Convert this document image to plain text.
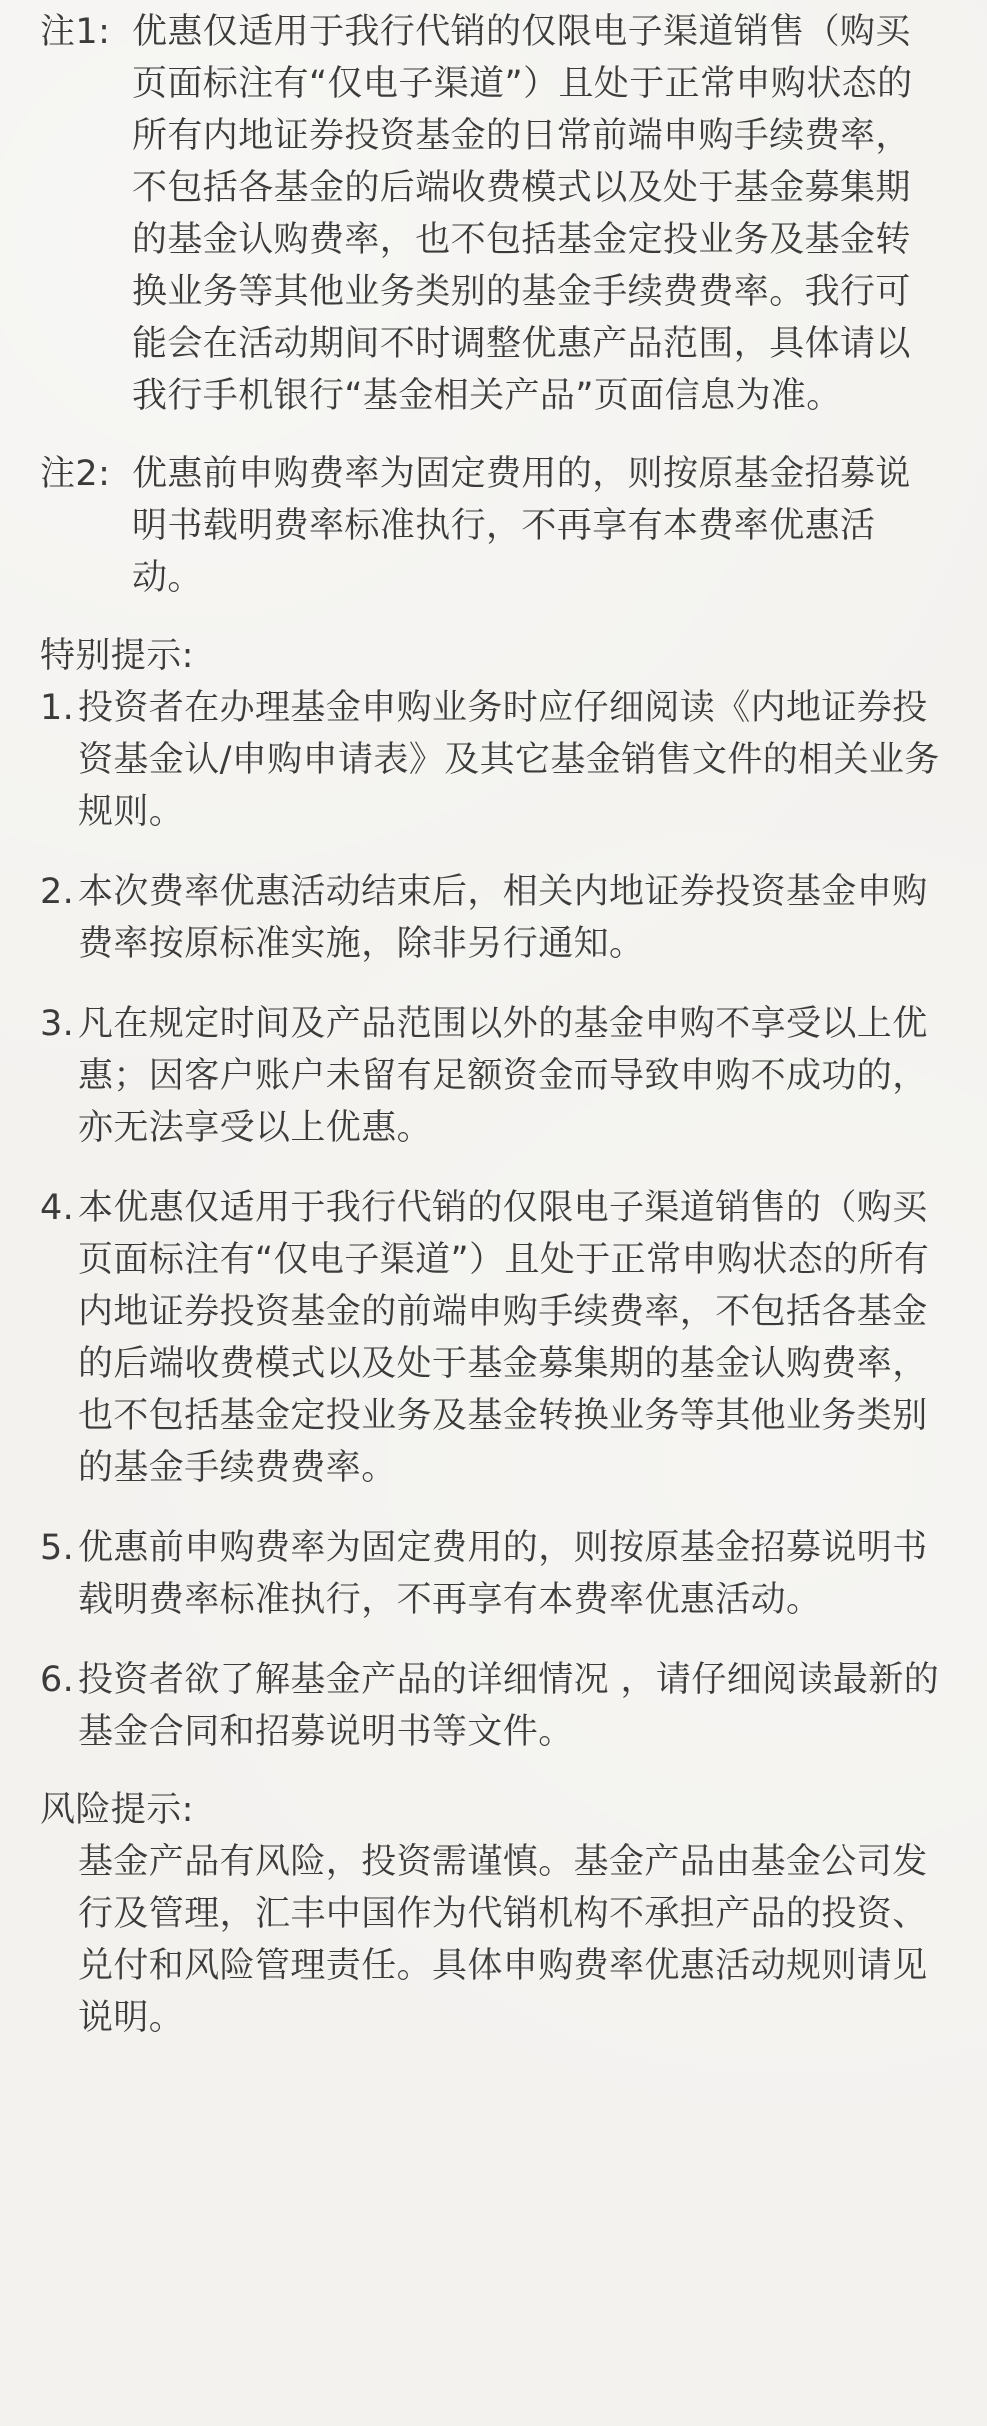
注1: 优惠仅适用于我行代销的仅限电子渠道销售（购买页面标注有“仅电子渠道”）且处于正常申购状态的所有内地证券投资基金的日常前端申购手续费率，不包括各基金的后端收费模式以及处于基金募集期的基金认购费率，也不包括基金定投业务及基金转换业务等其他业务类别的基金手续费费率。我行可能会在活动期间不时调整优惠产品范围，具体请以我行手机银行“基金相关产品”页面信息为准。
注2: 优惠前申购费率为固定费用的，则按原基金招募说明书载明费率标准执行，不再享有本费率优惠活动。
特别提示:
1. 投资者在办理基金申购业务时应仔细阅读《内地证券投资基金认/申购申请表》及其它基金销售文件的相关业务规则。
2. 本次费率优惠活动结束后，相关内地证券投资基金申购费率按原标准实施，除非另行通知。
3. 凡在规定时间及产品范围以外的基金申购不享受以上优惠；因客户账户未留有足额资金而导致申购不成功的，亦无法享受以上优惠。
4. 本优惠仅适用于我行代销的仅限电子渠道销售的（购买页面标注有“仅电子渠道”）且处于正常申购状态的所有内地证券投资基金的前端申购手续费率，不包括各基金的后端收费模式以及处于基金募集期的基金认购费率，也不包括基金定投业务及基金转换业务等其他业务类别的基金手续费费率。
5. 优惠前申购费率为固定费用的，则按原基金招募说明书载明费率标准执行，不再享有本费率优惠活动。
6. 投资者欲了解基金产品的详细情况 ，请仔细阅读最新的基金合同和招募说明书等文件。
风险提示:
基金产品有风险，投资需谨慎。基金产品由基金公司发行及管理，汇丰中国作为代销机构不承担产品的投资、兑付和风险管理责任。具体申购费率优惠活动规则请见说明。
